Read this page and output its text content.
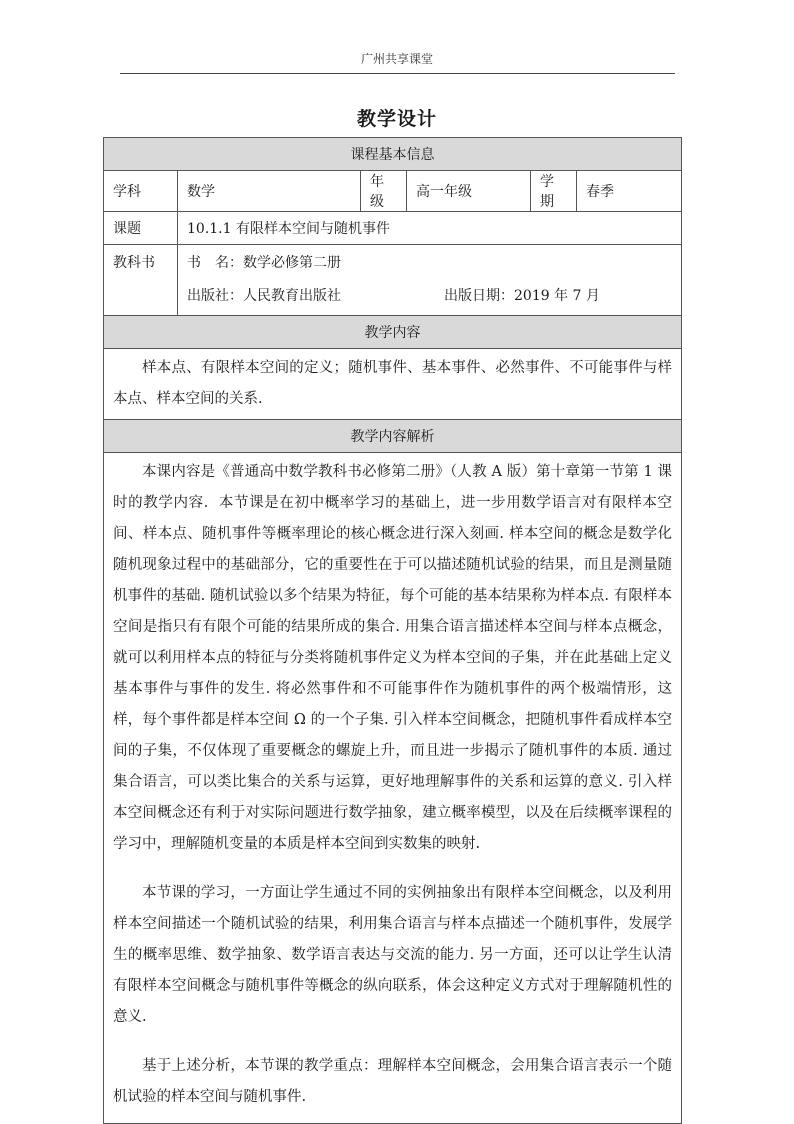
广州共享课堂
教学设计
课程基本信息					
学科	数学	年级	高一年级	学期	春季
课题	10.1.1 有限样本空间与随机事件				
教科书	书　名：数学必修第二册
出版社：人民教育出版社 出版日期：2019 年 7 月				

教学内容					

样本点、有限样本空间的定义；随机事件、基本事件、必然事件、不可能事件与样本点、样本空间的关系.					

教学内容解析					

本课内容是《普通高中数学教科书必修第二册》（人教 A 版）第十章第一节第 1 课时的教学内容．本节课是在初中概率学习的基础上，进一步用数学语言对有限样本空间、样本点、随机事件等概率理论的核心概念进行深入刻画. 样本空间的概念是数学化随机现象过程中的基础部分，它的重要性在于可以描述随机试验的结果，而且是测量随机事件的基础. 随机试验以多个结果为特征，每个可能的基本结果称为样本点. 有限样本空间是指只有有限个可能的结果所成的集合. 用集合语言描述样本空间与样本点概念，就可以利用样本点的特征与分类将随机事件定义为样本空间的子集，并在此基础上定义基本事件与事件的发生. 将必然事件和不可能事件作为随机事件的两个极端情形，这样，每个事件都是样本空间 Ω 的一个子集. 引入样本空间概念，把随机事件看成样本空间的子集，不仅体现了重要概念的螺旋上升，而且进一步揭示了随机事件的本质. 通过集合语言，可以类比集合的关系与运算，更好地理解事件的关系和运算的意义. 引入样本空间概念还有利于对实际问题进行数学抽象，建立概率模型，以及在后续概率课程的学习中，理解随机变量的本质是样本空间到实数集的映射.

本节课的学习，一方面让学生通过不同的实例抽象出有限样本空间概念，以及利用样本空间描述一个随机试验的结果，利用集合语言与样本点描述一个随机事件，发展学生的概率思维、数学抽象、数学语言表达与交流的能力. 另一方面，还可以让学生认清有限样本空间概念与随机事件等概念的纵向联系，体会这种定义方式对于理解随机性的意义.

基于上述分析，本节课的教学重点：理解样本空间概念，会用集合语言表示一个随机试验的样本空间与随机事件.					
